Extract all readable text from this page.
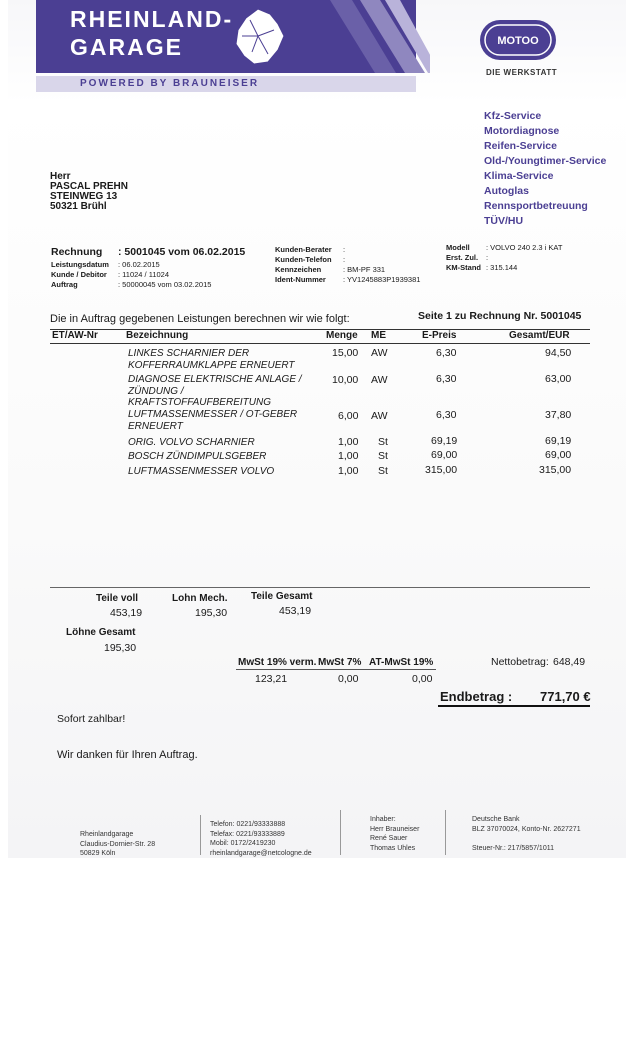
RHEINLAND-
GARAGE
POWERED BY BRAUNEISER
MOTOO
DIE WERKSTATT
Kfz-Service
Motordiagnose
Reifen-Service
Old-/Youngtimer-Service
Klima-Service
Autoglas
Rennsportbetreuung
TÜV/HU
Herr
PASCAL PREHN
STEINWEG 13
50321 Brühl
Rechnung : 5001045 vom 06.02.2015
Leistungsdatum : 06.02.2015
Kunde / Debitor : 11024 / 11024
Auftrag	: 50000045 vom 03.02.2015
Kunden-Berater :
Kunden-Telefon :
Kennzeichen	: BM-PF 331
Ident-Nummer : YV1245883P1939381
Modell : VOLVO 240 2.3 i KAT
Erst. Zul. :
KM-Stand : 315.144
Die in Auftrag gegebenen Leistungen berechnen wir wie folgt:	Seite 1 zu Rechnung Nr. 5001045
ET/AW-Nr	Bezeichnung	Menge ME	E-Preis	Gesamt/EUR
LINKES SCHARNIER DER KOFFERRAUMKLAPPE ERNEUERT
15,00 AW	6,30	94,50
DIAGNOSE ELEKTRISCHE ANLAGE / ZÜNDUNG / KRAFTSTOFFAUFBEREITUNG
10,00 AW	6,30	63,00
LUFTMASSENMESSER / OT-GEBER ERNEUERT
6,00 AW	6,30	37,80
ORIG. VOLVO SCHARNIER	1,00 St	69,19	69,19
BOSCH ZÜNDIMPULSGEBER	1,00 St	69,00	69,00
LUFTMASSENMESSER VOLVO	1,00 St	315,00	315,00
Teile voll
453,19
Lohn Mech.
195,30
Teile Gesamt
453,19
Löhne Gesamt
195,30
MwSt 19% verm.
123,21
MwSt 7%
0,00
AT-MwSt 19%
0,00
Nettobetrag: 648,49
Endbetrag : 771,70 €
Sofort zahlbar!
Wir danken für Ihren Auftrag.
Rheinlandgarage
Claudius-Dornier-Str. 28
50829 Köln
Telefon: 0221/93333888
Telefax: 0221/93333889
Mobil: 0172/2419230
rheinlandgarage@netcologne.de
Inhaber:
Herr Brauneiser
René Sauer
Thomas Uhles
Deutsche Bank
BLZ 37070024, Konto-Nr. 2627271

Steuer-Nr.: 217/5857/1011
